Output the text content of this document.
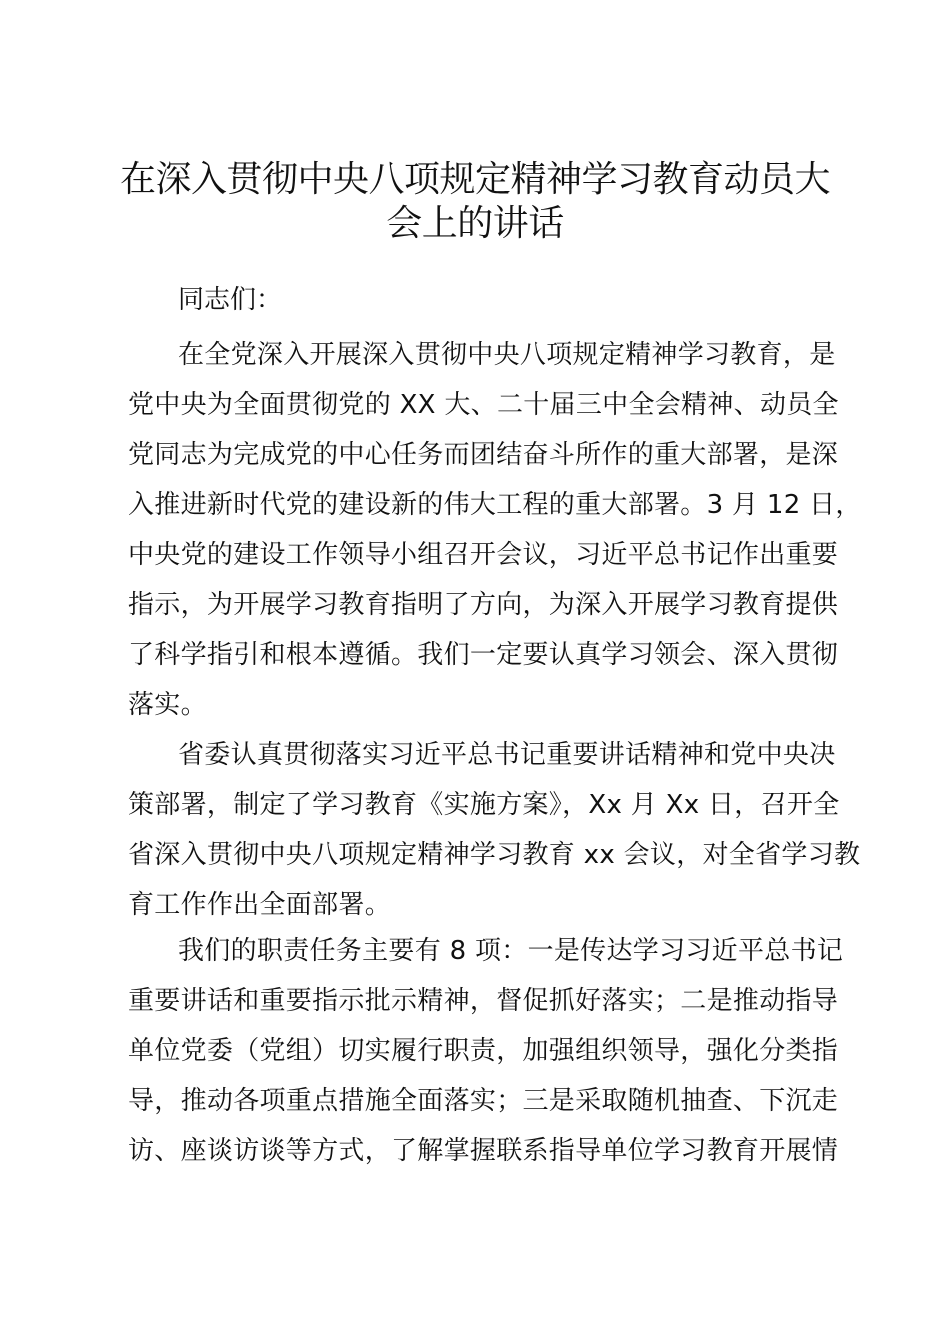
在深入贯彻中央八项规定精神学习教育动员大
会上的讲话

同志们：

在全党深入开展深入贯彻中央八项规定精神学习教育，是
党中央为全面贯彻党的 XX 大、二十届三中全会精神、动员全
党同志为完成党的中心任务而团结奋斗所作的重大部署，是深
入推进新时代党的建设新的伟大工程的重大部署。3 月 12 日，
中央党的建设工作领导小组召开会议，习近平总书记作出重要
指示，为开展学习教育指明了方向，为深入开展学习教育提供
了科学指引和根本遵循。我们一定要认真学习领会、深入贯彻
落实。
省委认真贯彻落实习近平总书记重要讲话精神和党中央决
策部署，制定了学习教育《实施方案》，Xx 月 Xx 日，召开全
省深入贯彻中央八项规定精神学习教育 xx 会议，对全省学习教
育工作作出全面部署。
我们的职责任务主要有 8 项：一是传达学习习近平总书记
重要讲话和重要指示批示精神，督促抓好落实；二是推动指导
单位党委（党组）切实履行职责，加强组织领导，强化分类指
导，推动各项重点措施全面落实；三是采取随机抽查、下沉走
访、座谈访谈等方式，了解掌握联系指导单位学习教育开展情
